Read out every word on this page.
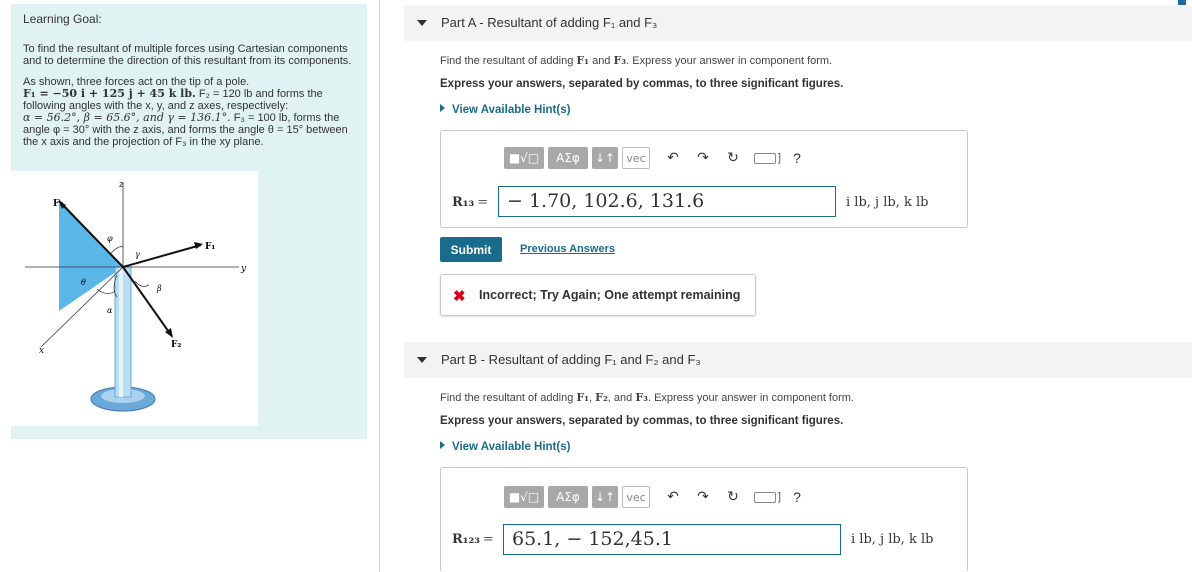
Learning Goal:

To find the resultant of multiple forces using Cartesian components and to determine the direction of this resultant from its components.

As shown, three forces act on the tip of a pole.
F₁ = −50 i + 125 j + 45 k lb. F₂ = 120 lb and forms the following angles with the x, y, and z axes, respectively:
α = 56.2°, β = 65.6°, and γ = 136.1°. F₃ = 100 lb, forms the angle φ = 30° with the z axis, and forms the angle θ = 15° between the x axis and the projection of F₃ in the xy plane.

z
y
x
F₃
F₁
F₂
φ
θ
α
β
γ
Part A - Resultant of adding F₁ and F₃
Find the resultant of adding F₁ and F₃. Express your answer in component form.
Express your answers, separated by commas, to three significant figures.
View Available Hint(s)
■√□	ΑΣφ	↓↑	vec	↶	↷	↻	] ?
R₁₃ = − 1.70, 102.6, 131.6	i lb, j lb, k lb
Submit	Previous Answers
✖ Incorrect; Try Again; One attempt remaining
Part B - Resultant of adding F₁ and F₂ and F₃
Find the resultant of adding F₁, F₂, and F₃. Express your answer in component form.
Express your answers, separated by commas, to three significant figures.
View Available Hint(s)
■√□	ΑΣφ	↓↑	vec	↶	↷	↻	] ?
R₁₂₃ = 65.1, − 152,45.1	i lb, j lb, k lb
